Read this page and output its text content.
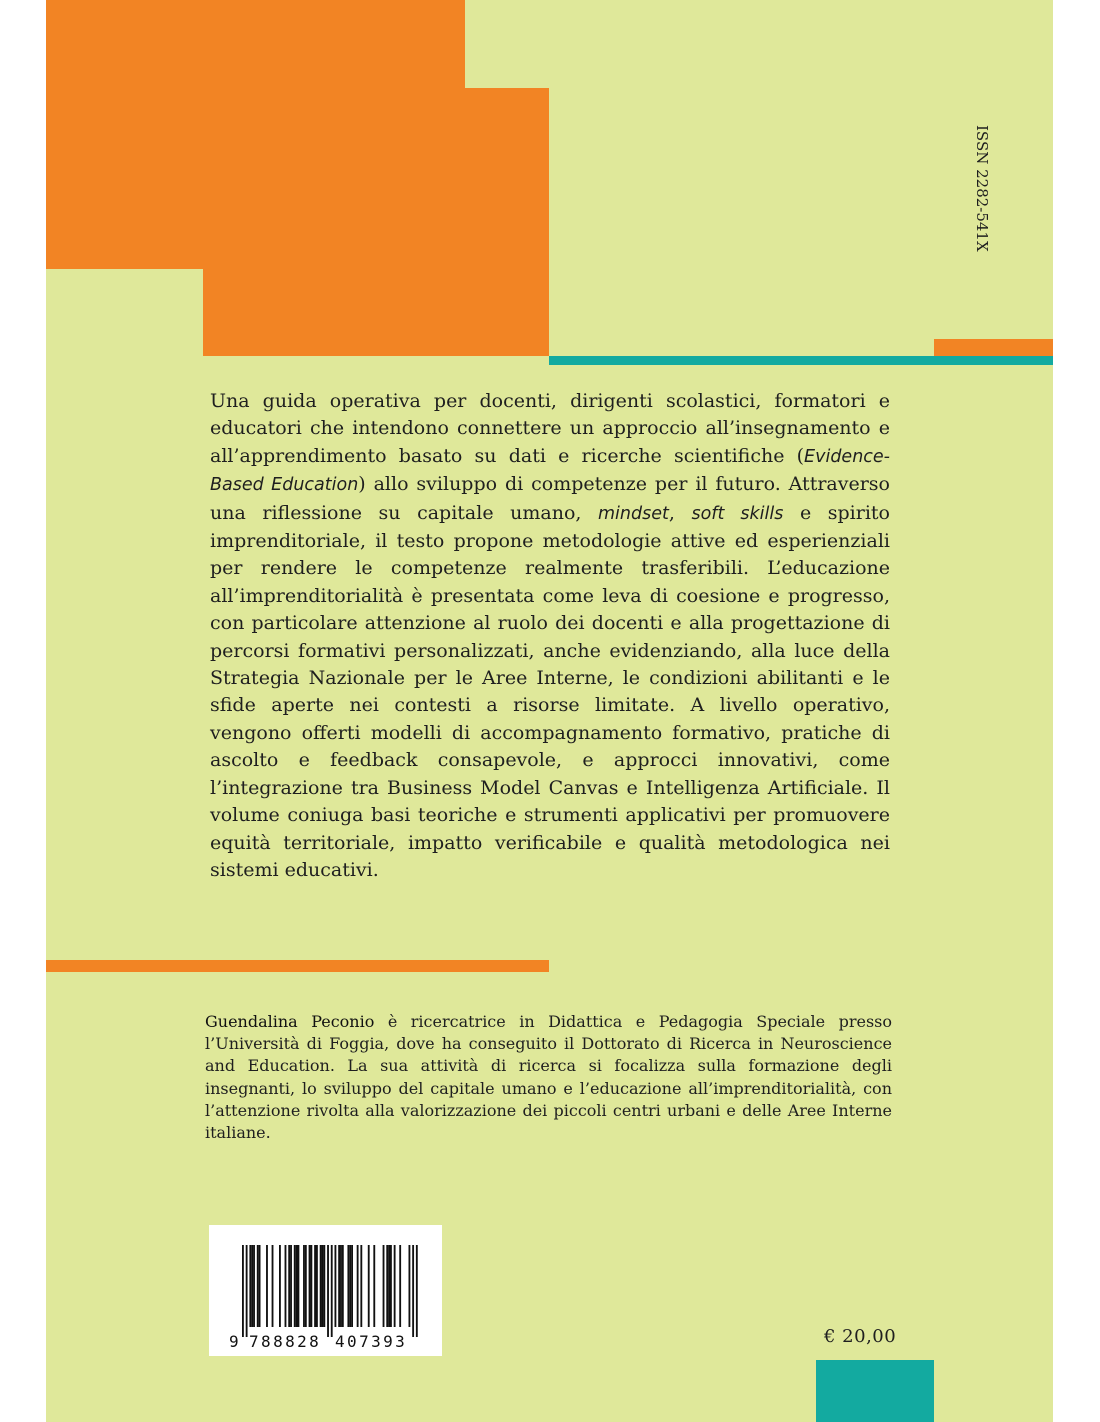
ISSN 2282-541X

Una guida operativa per docenti, dirigenti scolastici, formatori e educatori che intendono connettere un approccio all’insegnamento e all’apprendimento basato su dati e ricerche scientifiche (Evidence-Based Education) allo sviluppo di competenze per il futuro. Attraverso una riflessione su capitale umano, mindset, soft skills e spirito imprenditoriale, il testo propone metodologie attive ed esperienziali per rendere le competenze realmente trasferibili. L’educazione all’imprenditorialità è presentata come leva di coesione e progresso, con particolare attenzione al ruolo dei docenti e alla progettazione di percorsi formativi personalizzati, anche evidenziando, alla luce della Strategia Nazionale per le Aree Interne, le condizioni abilitanti e le sfide aperte nei contesti a risorse limitate. A livello operativo, vengono offerti modelli di accompagnamento formativo, pratiche di ascolto e feedback consapevole, e approcci innovativi, come l’integrazione tra Business Model Canvas e Intelligenza Artificiale. Il volume coniuga basi teoriche e strumenti applicativi per promuovere equità territoriale, impatto verificabile e qualità metodologica nei sistemi educativi.

Guendalina Peconio è ricercatrice in Didattica e Pedagogia Speciale presso l’Università di Foggia, dove ha conseguito il Dottorato di Ricerca in Neuroscience and Education. La sua attività di ricerca si focalizza sulla formazione degli insegnanti, lo sviluppo del capitale umano e l’educazione all’imprenditorialità, con l’attenzione rivolta alla valorizzazione dei piccoli centri urbani e delle Aree Interne italiane.

9 788828 407393	€ 20,00
